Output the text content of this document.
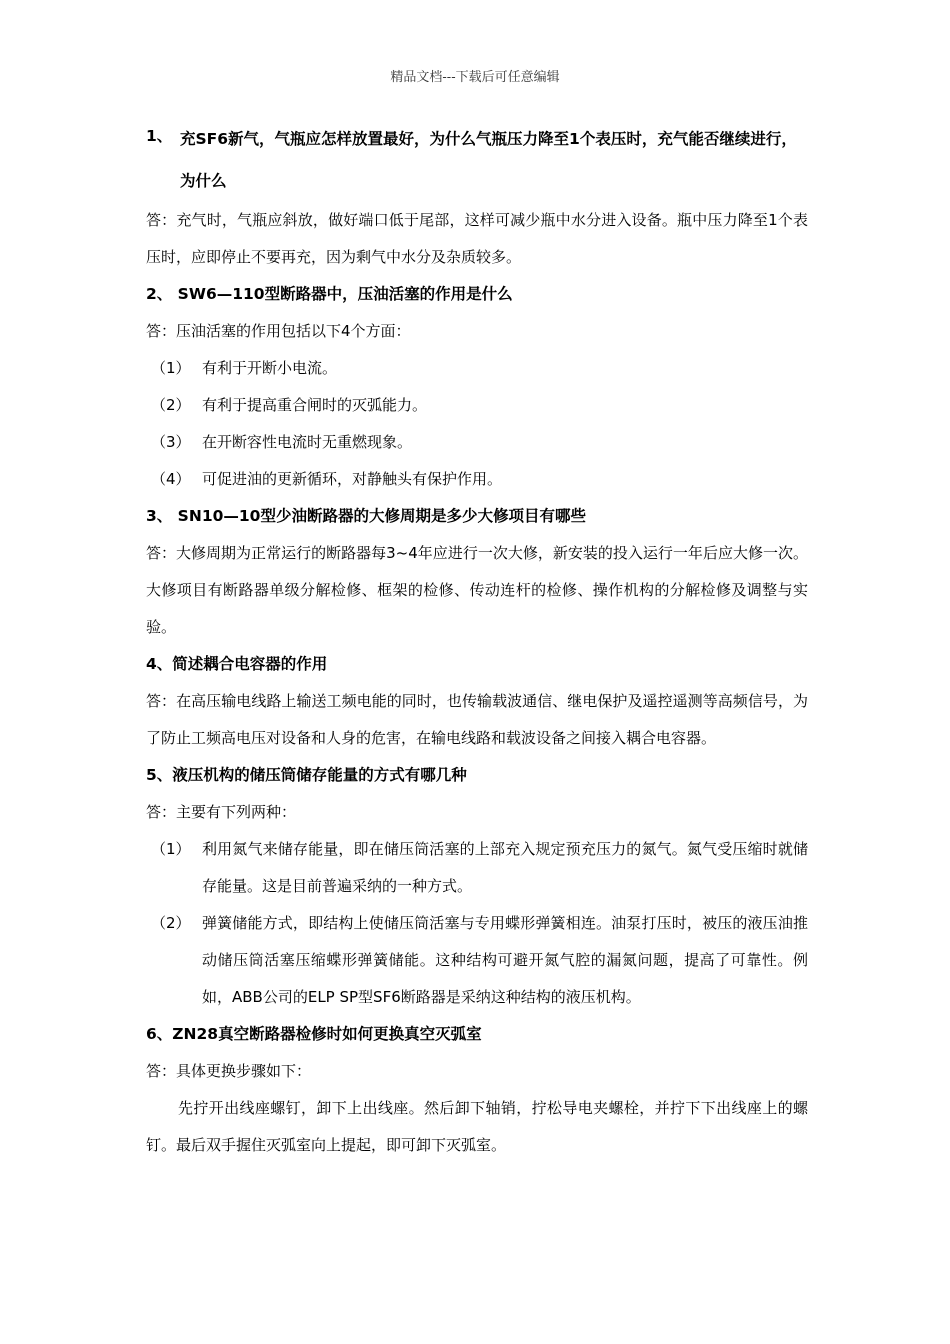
精品文档---下载后可任意编辑
1、 充SF6新气，气瓶应怎样放置最好，为什么气瓶压力降至1个表压时，充气能否继续进行，为什么

答：充气时，气瓶应斜放，做好端口低于尾部，这样可减少瓶中水分进入设备。瓶中压力降至1个表压时，应即停止不要再充，因为剩气中水分及杂质较多。

2、 SW6—110型断路器中，压油活塞的作用是什么

答：压油活塞的作用包括以下4个方面：

（1） 有利于开断小电流。
（2） 有利于提高重合闸时的灭弧能力。
（3） 在开断容性电流时无重燃现象。
（4） 可促进油的更新循环，对静触头有保护作用。

3、 SN10—10型少油断路器的大修周期是多少大修项目有哪些

答：大修周期为正常运行的断路器每3~4年应进行一次大修，新安装的投入运行一年后应大修一次。大修项目有断路器单级分解检修、框架的检修、传动连杆的检修、操作机构的分解检修及调整与实验。

4、简述耦合电容器的作用

答：在高压输电线路上输送工频电能的同时，也传输载波通信、继电保护及遥控遥测等高频信号，为了防止工频高电压对设备和人身的危害，在输电线路和载波设备之间接入耦合电容器。

5、液压机构的储压筒储存能量的方式有哪几种

答：主要有下列两种：

（1） 利用氮气来储存能量，即在储压筒活塞的上部充入规定预充压力的氮气。氮气受压缩时就储存能量。这是目前普遍采纳的一种方式。
（2） 弹簧储能方式，即结构上使储压筒活塞与专用蝶形弹簧相连。油泵打压时，被压的液压油推动储压筒活塞压缩蝶形弹簧储能。这种结构可避开氮气腔的漏氮问题，提高了可靠性。例如，ABB公司的ELP SP型SF6断路器是采纳这种结构的液压机构。

6、ZN28真空断路器检修时如何更换真空灭弧室

答：具体更换步骤如下：

先拧开出线座螺钉，卸下上出线座。然后卸下轴销，拧松导电夹螺栓，并拧下下出线座上的螺钉。最后双手握住灭弧室向上提起，即可卸下灭弧室。
